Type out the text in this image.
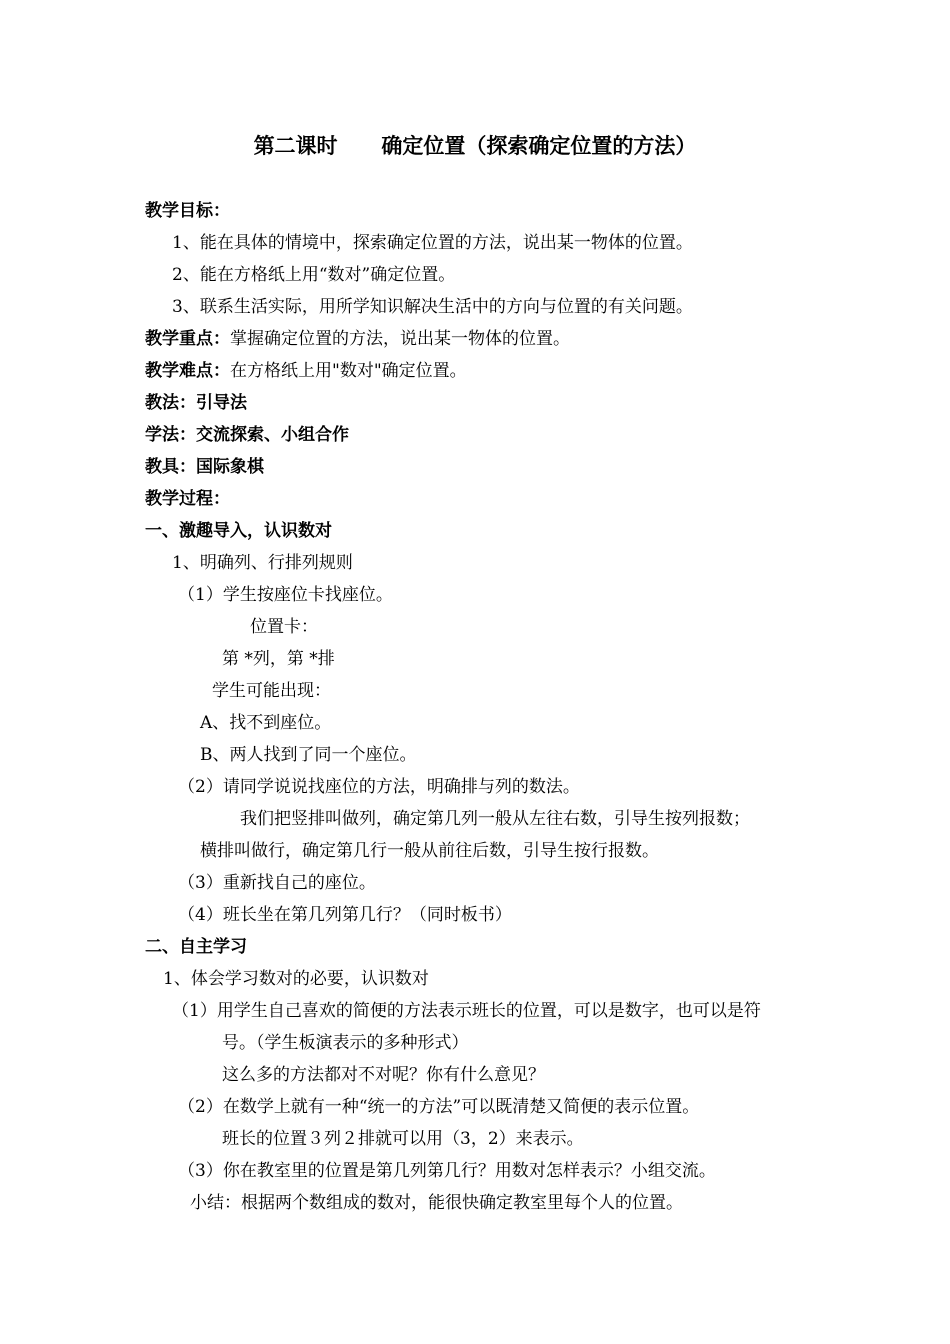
第二课时      确定位置（探索确定位置的方法）
教学目标：
1、能在具体的情境中，探索确定位置的方法，说出某一物体的位置。
2、能在方格纸上用“数对”确定位置。
3、联系生活实际，用所学知识解决生活中的方向与位置的有关问题。
教学重点：掌握确定位置的方法，说出某一物体的位置。
教学难点：在方格纸上用"数对"确定位置。
教法：引导法
学法：交流探索、小组合作
教具：国际象棋
教学过程：
一、激趣导入，认识数对
1、明确列、行排列规则
（1）学生按座位卡找座位。
位置卡：
第 *列，第 *排
学生可能出现：
A、找不到座位。
B、两人找到了同一个座位。
（2）请同学说说找座位的方法，明确排与列的数法。
我们把竖排叫做列，确定第几列一般从左往右数，引导生按列报数；
横排叫做行，确定第几行一般从前往后数，引导生按行报数。
（3）重新找自己的座位。
（4）班长坐在第几列第几行？（同时板书）
二、自主学习
1、体会学习数对的必要，认识数对
（1）用学生自己喜欢的简便的方法表示班长的位置，可以是数字，也可以是符
号。（学生板演表示的多种形式）
这么多的方法都对不对呢？你有什么意见？
（2）在数学上就有一种“统一的方法”可以既清楚又简便的表示位置。
班长的位置３列２排就可以用（3，2）来表示。
（3）你在教室里的位置是第几列第几行？用数对怎样表示？小组交流。
小结：根据两个数组成的数对，能很快确定教室里每个人的位置。
